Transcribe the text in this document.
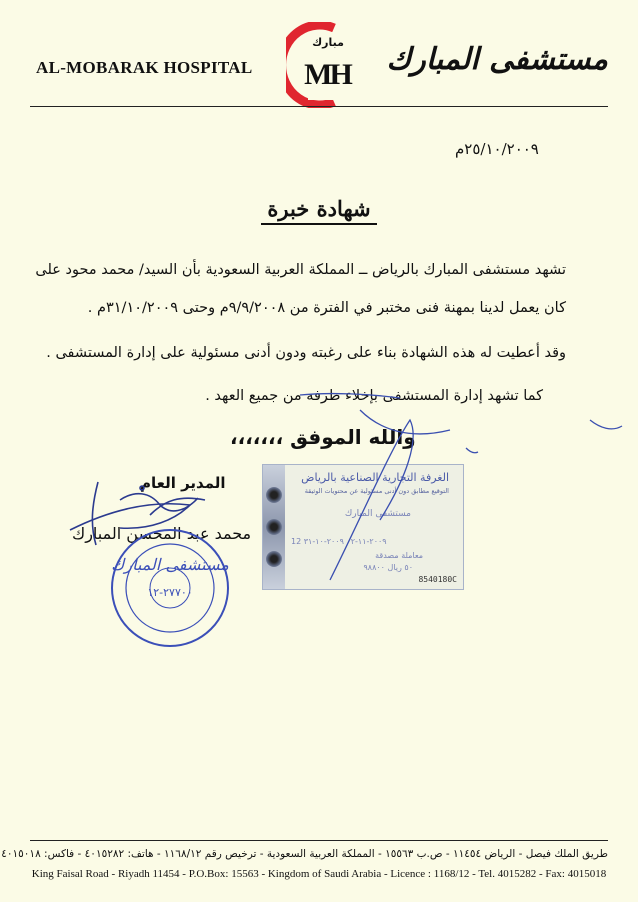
AL-MOBARAK HOSPITAL
مبارك
MH مستشفى المبارك
٢٥/١٠/٢٠٠٩م
شهادة خبرة
تشهد مستشفى المبارك بالرياض ــ المملكة العربية السعودية بأن السيد/ محمد محود على
كان يعمل لدينا بمهنة فنى مختبر في الفترة من ٩/٩/٢٠٠٨م وحتى ٣١/١٠/٢٠٠٩م .
وقد أعطيت له هذه الشهادة بناء على رغبته ودون أدنى مسئولية على إدارة المستشفى .
كما تشهد إدارة المستشفى بإخلاء طرفه من جميع العهد .
والله الموفق ،،،،،،،
المدير العام
محمد عبد المحسن المبارك
الغرفة التجارية الصناعية بالرياض
التوقيع مطابق دون أدنى مسئولية عن محتويات الوثيقة
مستشفى المبارك
12 ٢٠٠٩-١١-٠٢ ٢٠٠٩-١٠-٣١
معاملة مصدقة
٥٠ ريال ٩٨٨٠٠
8540180C
مستشفى المبارك
٢٧٧٠٠-١٢
طريق الملك فيصل - الرياض ١١٤٥٤ - ص.ب ١٥٥٦٣ - المملكة العربية السعودية - ترخيص رقم ١١٦٨/١٢ - هاتف: ٤٠١٥٢٨٢ - فاكس: ٤٠١٥٠١٨
King Faisal Road - Riyadh 11454 - P.O.Box: 15563 - Kingdom of Saudi Arabia - Licence : 1168/12 - Tel. 4015282 - Fax: 4015018
